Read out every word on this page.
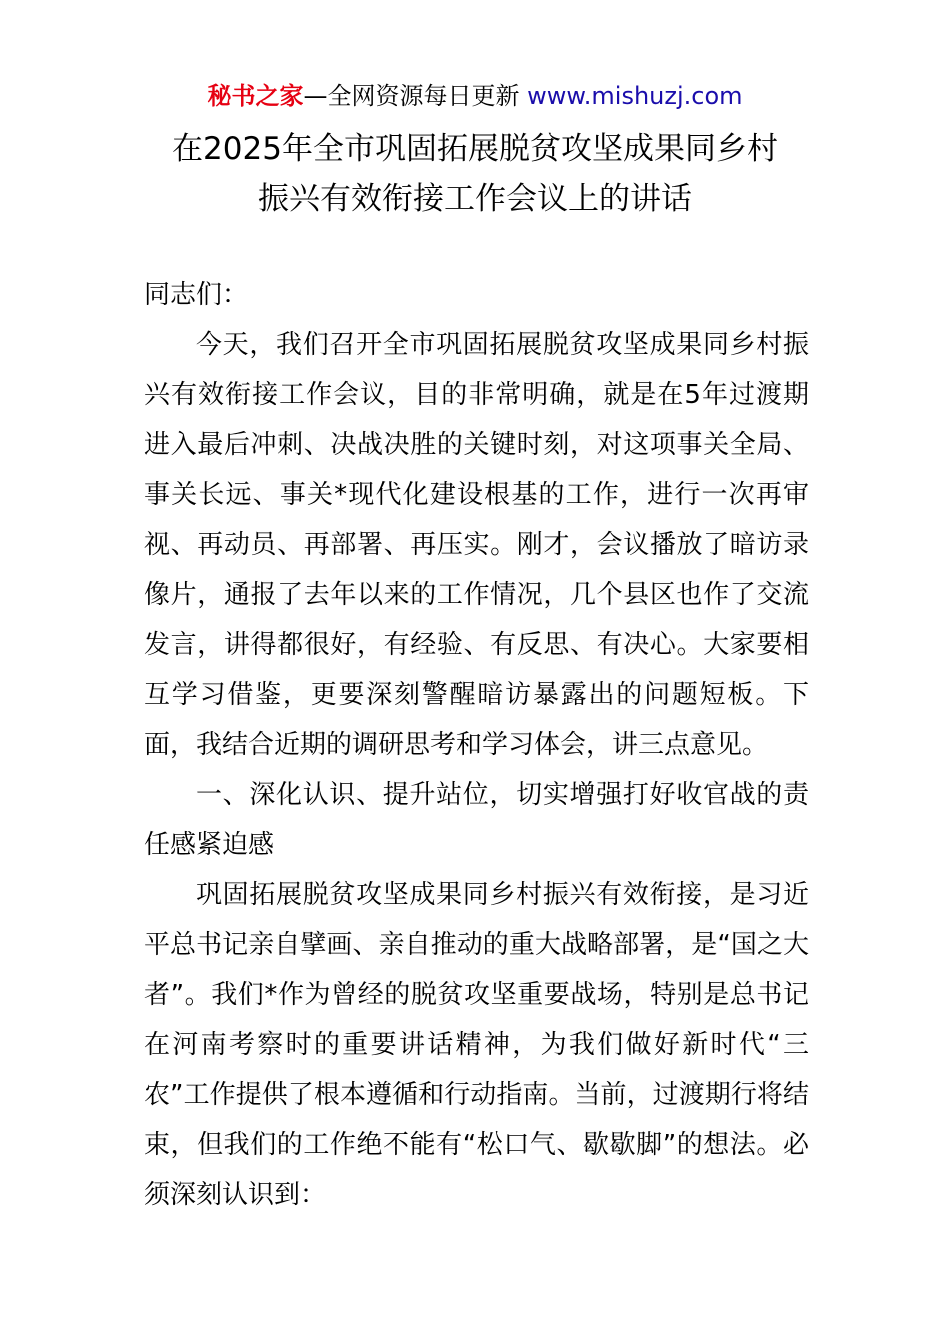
秘书之家—全网资源每日更新 www.mishuzj.com
在2025年全市巩固拓展脱贫攻坚成果同乡村
振兴有效衔接工作会议上的讲话

同志们：

今天，我们召开全市巩固拓展脱贫攻坚成果同乡村振兴有效衔接工作会议，目的非常明确，就是在5年过渡期进入最后冲刺、决战决胜的关键时刻，对这项事关全局、事关长远、事关*现代化建设根基的工作，进行一次再审视、再动员、再部署、再压实。刚才，会议播放了暗访录像片，通报了去年以来的工作情况，几个县区也作了交流发言，讲得都很好，有经验、有反思、有决心。大家要相互学习借鉴，更要深刻警醒暗访暴露出的问题短板。下面，我结合近期的调研思考和学习体会，讲三点意见。

一、深化认识、提升站位，切实增强打好收官战的责任感紧迫感

巩固拓展脱贫攻坚成果同乡村振兴有效衔接，是习近平总书记亲自擘画、亲自推动的重大战略部署，是“国之大者”。我们*作为曾经的脱贫攻坚重要战场，特别是总书记在河南考察时的重要讲话精神，为我们做好新时代“三农”工作提供了根本遵循和行动指南。当前，过渡期行将结束，但我们的工作绝不能有“松口气、歇歇脚”的想法。必须深刻认识到：
